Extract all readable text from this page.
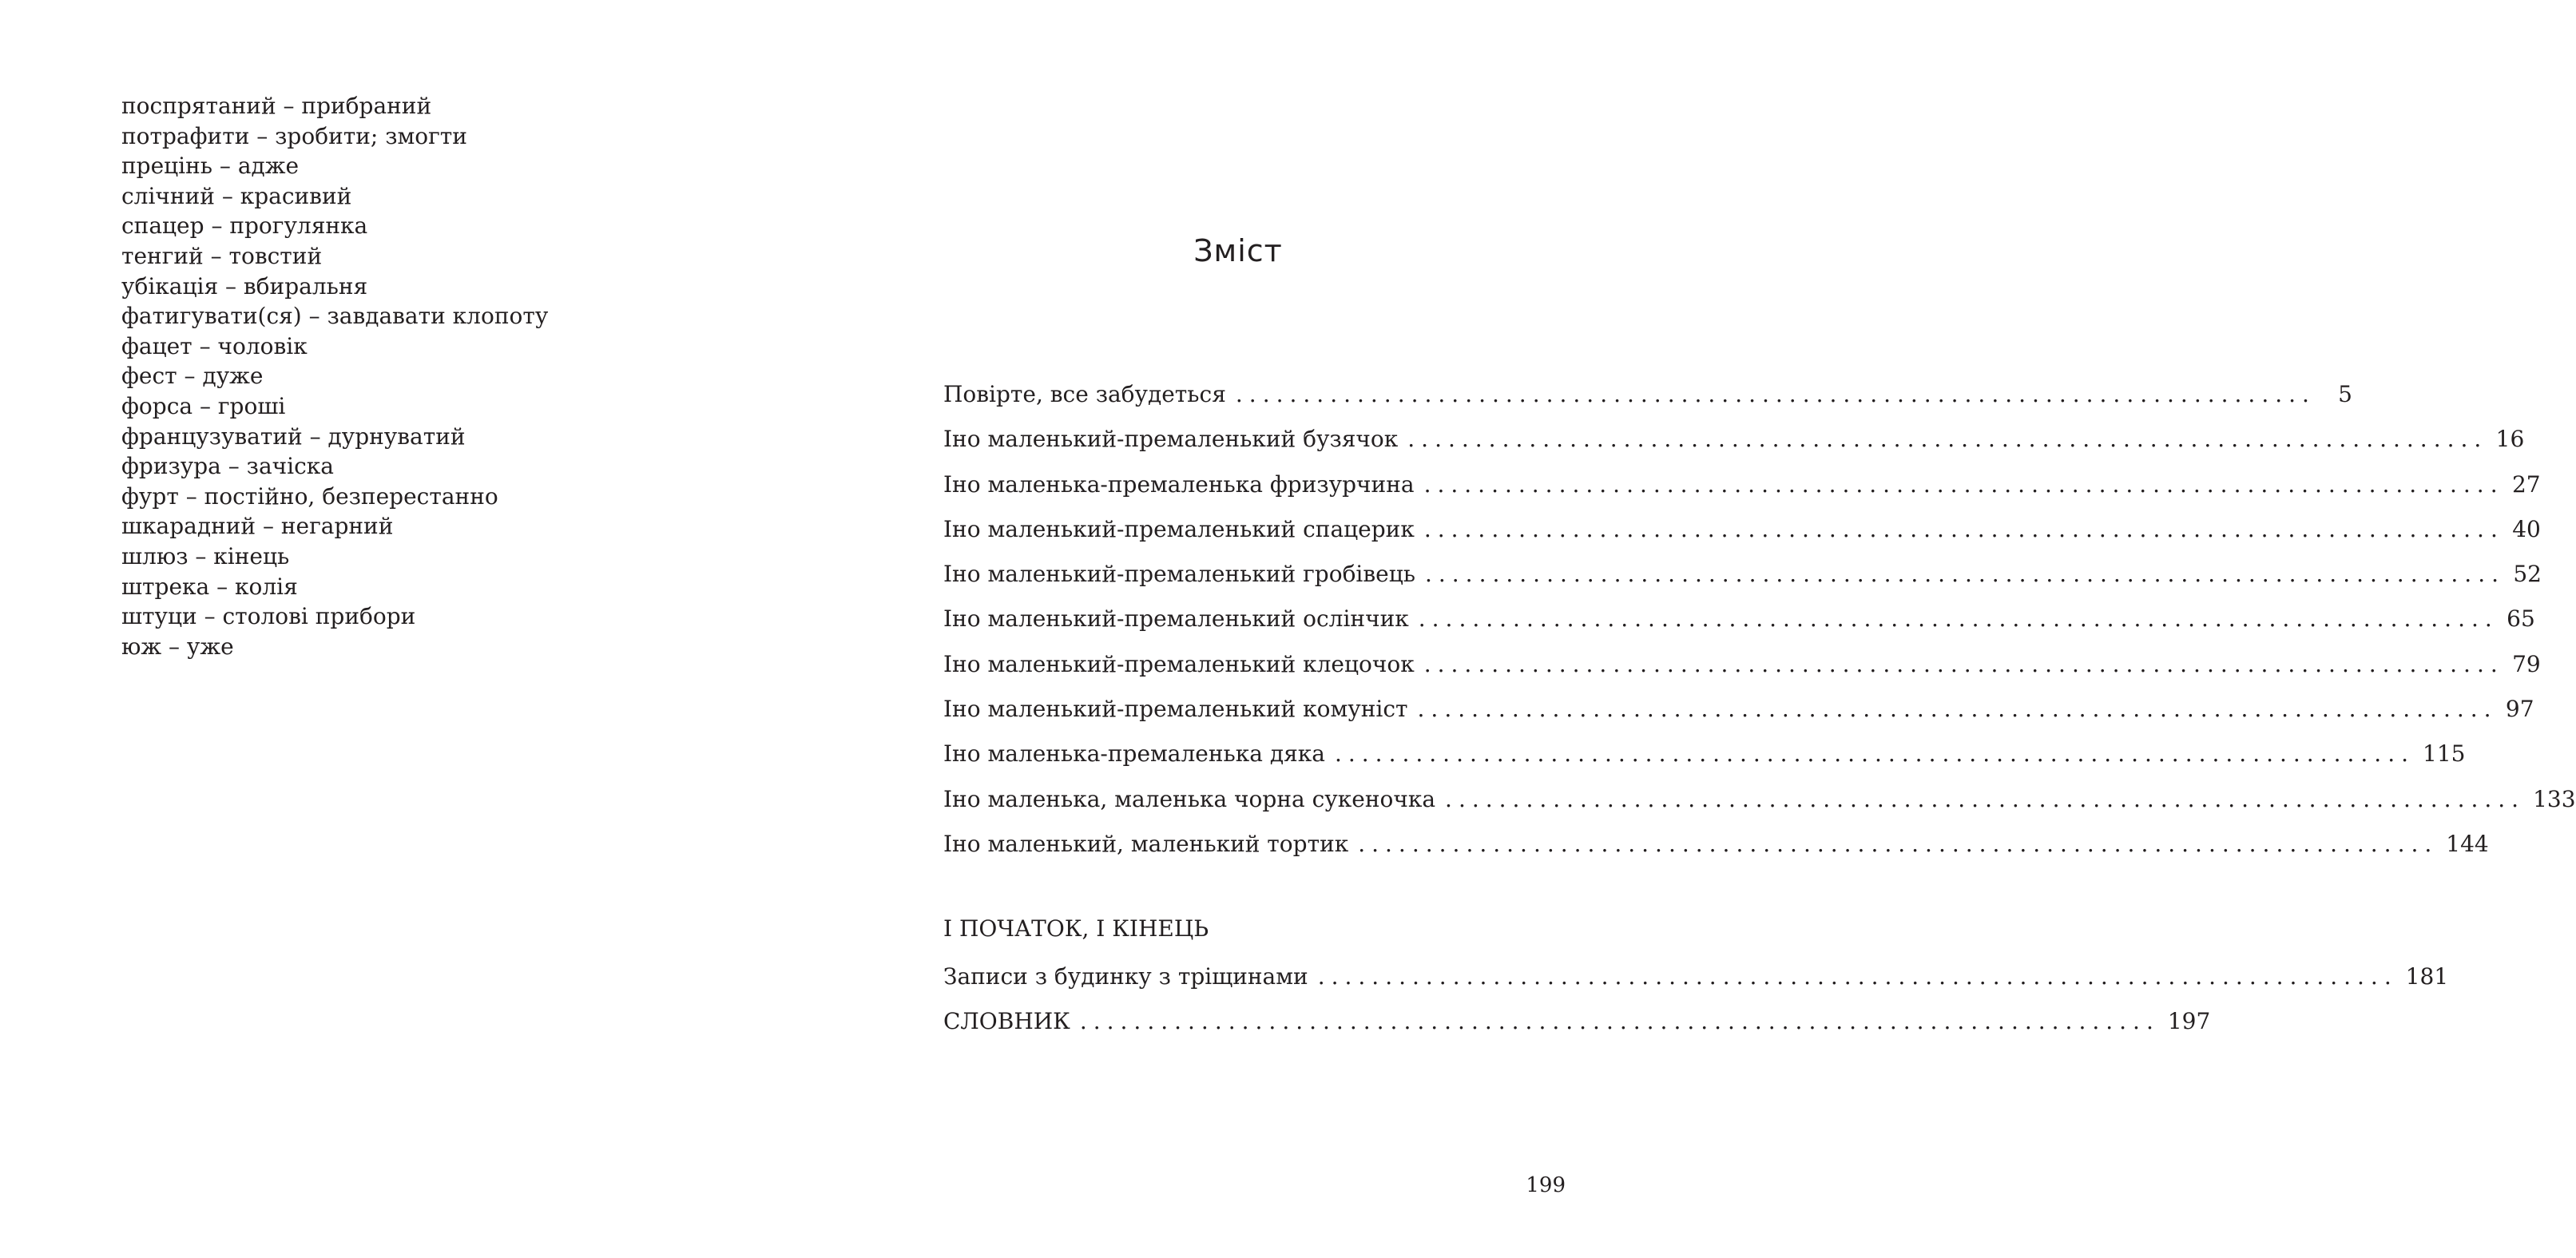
поспрятаний – прибраний
потрафити – зробити; змогти
прецінь – адже
слічний – красивий
спацер – прогулянка
тенгий – товстий
убікація – вбиральня
фатигувати(ся) – завдавати клопоту
фацет – чоловік
фест – дуже
форса – гроші
французуватий – дурнуватий
фризура – зачіска
фурт – постійно, безперестанно
шкарадний – негарний
шлюз – кінець
штрека – колія
штуци – столові прибори
юж – уже
Зміст
Повірте, все забудеться ................................................................................	5
Іно маленький-премаленький бузячок ................................................................................ 16
Іно маленька-премаленька фризурчина ................................................................................ 27
Іно маленький-премаленький спацерик ................................................................................ 40
Іно маленький-премаленький гробівець ................................................................................ 52
Іно маленький-премаленький ослінчик ................................................................................ 65
Іно маленький-премаленький клецочок ................................................................................ 79
Іно маленький-премаленький комуніст ................................................................................ 97
Іно маленька-премаленька дяка ................................................................................ 115
Іно маленька, маленька чорна сукеночка ................................................................................ 133
Іно маленький, маленький тортик ................................................................................ 144
І ПОЧАТОК, І КІНЕЦЬ
Записи з будинку з тріщинами ................................................................................ 181
СЛОВНИК ................................................................................ 197
199
